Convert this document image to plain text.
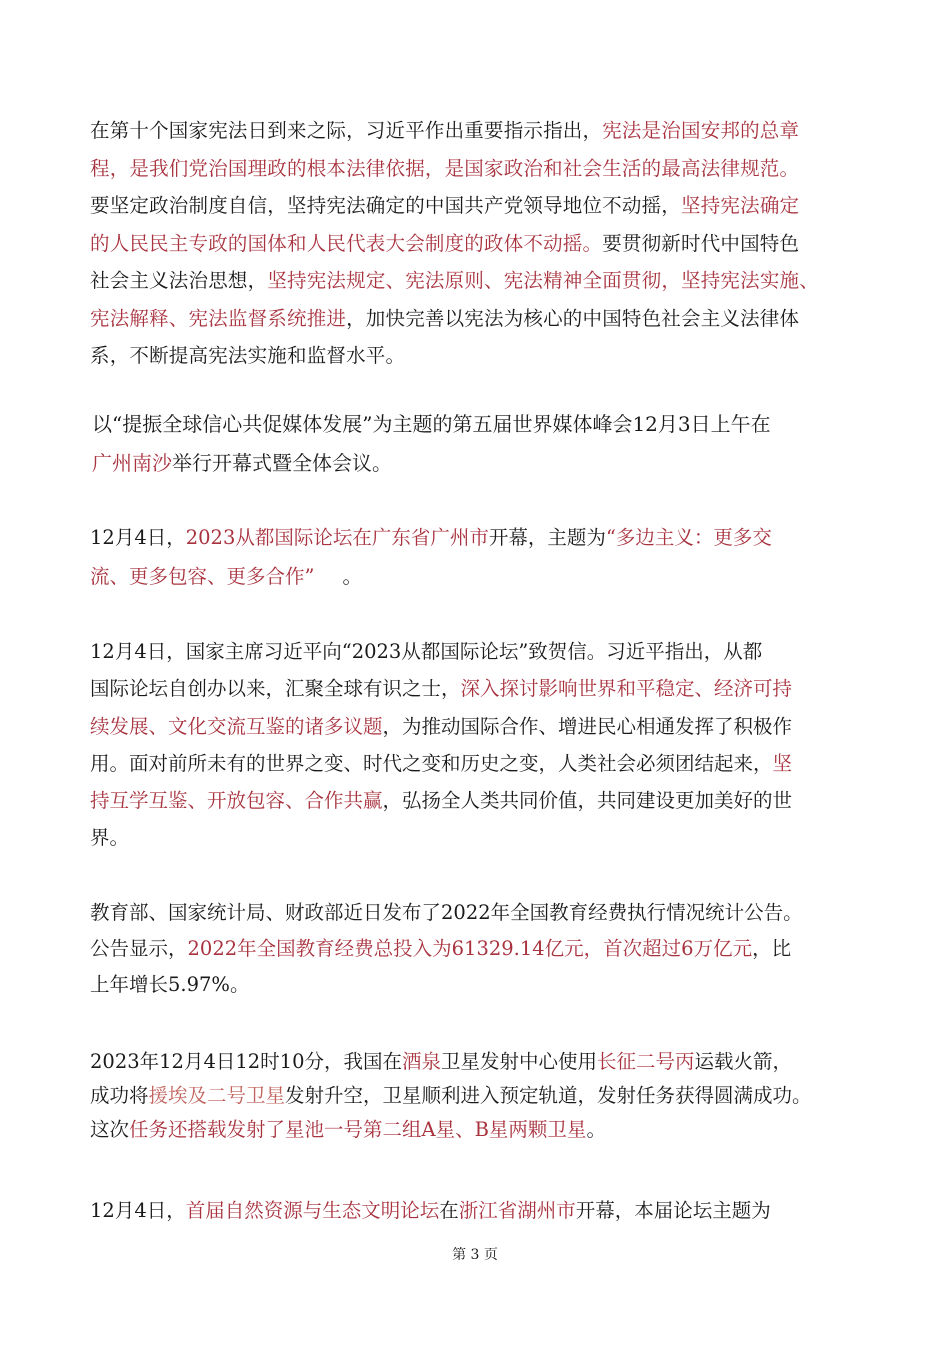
在第十个国家宪法日到来之际，习近平作出重要指示指出，宪法是治国安邦的总章
程，是我们党治国理政的根本法律依据，是国家政治和社会生活的最高法律规范。
要坚定政治制度自信，坚持宪法确定的中国共产党领导地位不动摇，坚持宪法确定
的人民民主专政的国体和人民代表大会制度的政体不动摇。要贯彻新时代中国特色
社会主义法治思想，坚持宪法规定、宪法原则、宪法精神全面贯彻，坚持宪法实施、
宪法解释、宪法监督系统推进，加快完善以宪法为核心的中国特色社会主义法律体
系，不断提高宪法实施和监督水平。
以“提振全球信心共促媒体发展”为主题的第五届世界媒体峰会12月3日上午在
广州南沙举行开幕式暨全体会议。
12月4日，2023从都国际论坛在广东省广州市开幕，主题为“多边主义：更多交
流、更多包容、更多合作” 。
12月4日，国家主席习近平向“2023从都国际论坛”致贺信。习近平指出，从都
国际论坛自创办以来，汇聚全球有识之士，深入探讨影响世界和平稳定、经济可持
续发展、文化交流互鉴的诸多议题，为推动国际合作、增进民心相通发挥了积极作
用。面对前所未有的世界之变、时代之变和历史之变，人类社会必须团结起来，坚
持互学互鉴、开放包容、合作共赢，弘扬全人类共同价值，共同建设更加美好的世
界。
教育部、国家统计局、财政部近日发布了2022年全国教育经费执行情况统计公告。
公告显示，2022年全国教育经费总投入为61329.14亿元，首次超过6万亿元，比
上年增长5.97%。
2023年12月4日12时10分，我国在酒泉卫星发射中心使用长征二号丙运载火箭，
成功将援埃及二号卫星发射升空，卫星顺利进入预定轨道，发射任务获得圆满成功。
这次任务还搭载发射了星池一号第二组A星、B星两颗卫星。
12月4日，首届自然资源与生态文明论坛在浙江省湖州市开幕，本届论坛主题为
第 3 页
